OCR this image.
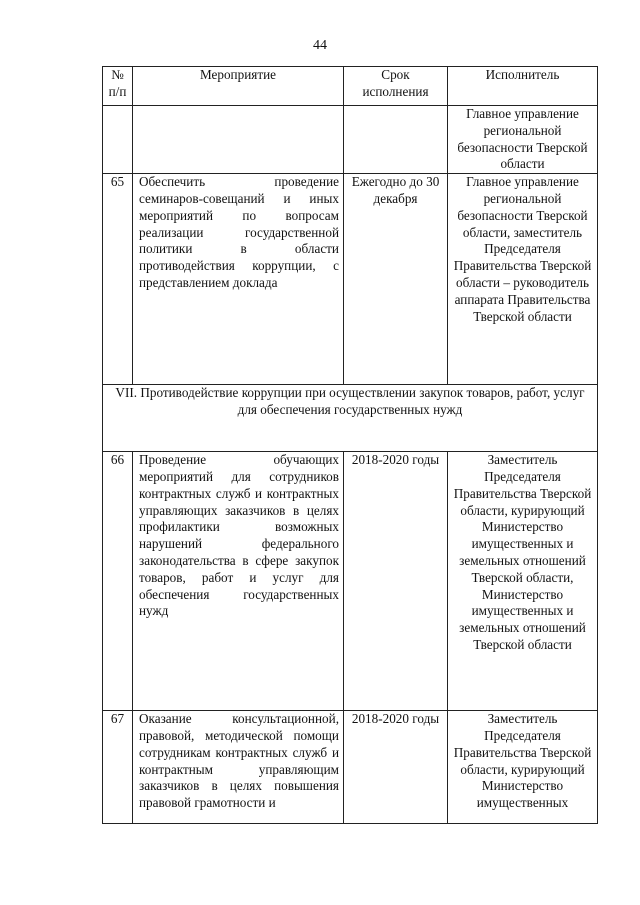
44
№ п/п	Мероприятие	Срок исполнения	Исполнитель
			Главное управление региональной безопасности Тверской области
65	Обеспечить проведение семинаров-совещаний и иных мероприятий по вопросам реализации государственной политики в области противодействия коррупции, с представлением доклада	Ежегодно до 30 декабря	Главное управление региональной безопасности Тверской области, заместитель Председателя Правительства Тверской области – руководитель аппарата Правительства Тверской области
VII. Противодействие коррупции при осуществлении закупок товаров, работ, услуг для обеспечения государственных нужд			
66	Проведение обучающих мероприятий для сотрудников контрактных служб и контрактных управляющих заказчиков в целях профилактики возможных нарушений федерального законодательства в сфере закупок товаров, работ и услуг для обеспечения государственных нужд	2018-2020 годы	Заместитель Председателя Правительства Тверской области, курирующий Министерство имущественных и земельных отношений Тверской области, Министерство имущественных и земельных отношений Тверской области
67	Оказание консультационной, правовой, методической помощи сотрудникам контрактных служб и контрактным управляющим заказчиков в целях повышения правовой грамотности и	2018-2020 годы	Заместитель Председателя Правительства Тверской области, курирующий Министерство имущественных
